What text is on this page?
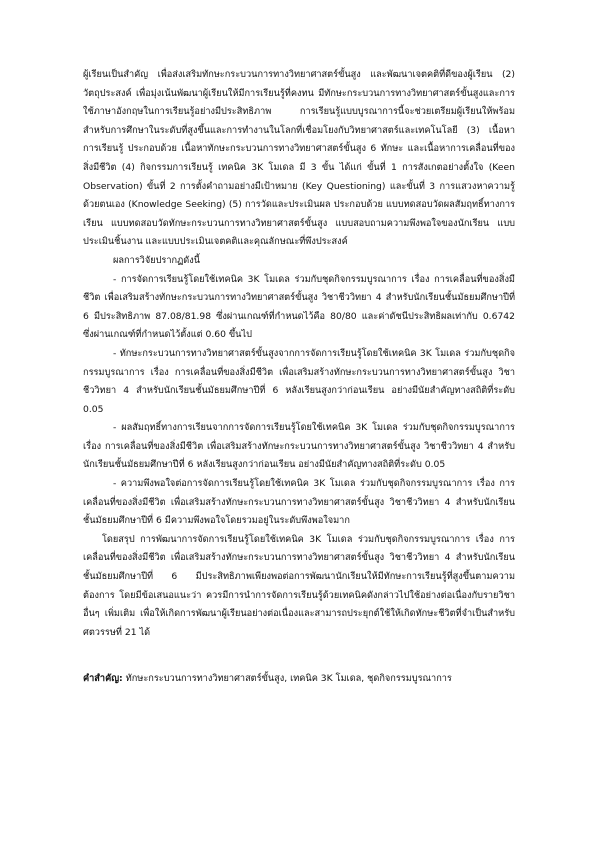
ผู้เรียนเป็นสำคัญ เพื่อส่งเสริมทักษะกระบวนการทางวิทยาศาสตร์ขั้นสูง และพัฒนาเจตคติที่ดีของผู้เรียน (2) วัตถุประสงค์ เพื่อมุ่งเน้นพัฒนาผู้เรียนให้มีการเรียนรู้ที่คงทน มีทักษะกระบวนการทางวิทยาศาสตร์ขั้นสูงและการใช้ภาษาอังกฤษในการเรียนรู้อย่างมีประสิทธิภาพ การเรียนรู้แบบบูรณาการนี้จะช่วยเตรียมผู้เรียนให้พร้อมสำหรับการศึกษาในระดับที่สูงขึ้นและการทำงานในโลกที่เชื่อมโยงกับวิทยาศาสตร์และเทคโนโลยี (3) เนื้อหาการเรียนรู้ ประกอบด้วย เนื้อหาทักษะกระบวนการทางวิทยาศาสตร์ขั้นสูง 6 ทักษะ และเนื้อหาการเคลื่อนที่ของสิ่งมีชีวิต (4) กิจกรรมการเรียนรู้ เทคนิค 3K โมเดล มี 3 ขั้น ได้แก่ ขั้นที่ 1 การสังเกตอย่างตั้งใจ (Keen Observation) ขั้นที่ 2 การตั้งคำถามอย่างมีเป้าหมาย (Key Questioning) และขั้นที่ 3 การแสวงหาความรู้ด้วยตนเอง (Knowledge Seeking) (5) การวัดและประเมินผล ประกอบด้วย แบบทดสอบวัดผลสัมฤทธิ์ทางการเรียน แบบทดสอบวัดทักษะกระบวนการทางวิทยาศาสตร์ขั้นสูง แบบสอบถามความพึงพอใจของนักเรียน แบบประเมินชิ้นงาน และแบบประเมินเจตคติและคุณลักษณะที่พึงประสงค์

ผลการวิจัยปรากฏดังนี้

- การจัดการเรียนรู้โดยใช้เทคนิค 3K โมเดล ร่วมกับชุดกิจกรรมบูรณาการ เรื่อง การเคลื่อนที่ของสิ่งมีชีวิต เพื่อเสริมสร้างทักษะกระบวนการทางวิทยาศาสตร์ขั้นสูง วิชาชีววิทยา 4 สำหรับนักเรียนชั้นมัธยมศึกษาปีที่ 6 มีประสิทธิภาพ 87.08/81.98 ซึ่งผ่านเกณฑ์ที่กำหนดไว้คือ 80/80 และค่าดัชนีประสิทธิผลเท่ากับ 0.6742 ซึ่งผ่านเกณฑ์ที่กำหนดไว้ตั้งแต่ 0.60 ขึ้นไป

- ทักษะกระบวนการทางวิทยาศาสตร์ขั้นสูงจากการจัดการเรียนรู้โดยใช้เทคนิค 3K โมเดล ร่วมกับชุดกิจกรรมบูรณาการ เรื่อง การเคลื่อนที่ของสิ่งมีชีวิต เพื่อเสริมสร้างทักษะกระบวนการทางวิทยาศาสตร์ขั้นสูง วิชาชีววิทยา 4 สำหรับนักเรียนชั้นมัธยมศึกษาปีที่ 6 หลังเรียนสูงกว่าก่อนเรียน อย่างมีนัยสำคัญทางสถิติที่ระดับ 0.05

- ผลสัมฤทธิ์ทางการเรียนจากการจัดการเรียนรู้โดยใช้เทคนิค 3K โมเดล ร่วมกับชุดกิจกรรมบูรณาการ เรื่อง การเคลื่อนที่ของสิ่งมีชีวิต เพื่อเสริมสร้างทักษะกระบวนการทางวิทยาศาสตร์ขั้นสูง วิชาชีววิทยา 4 สำหรับนักเรียนชั้นมัธยมศึกษาปีที่ 6 หลังเรียนสูงกว่าก่อนเรียน อย่างมีนัยสำคัญทางสถิติที่ระดับ 0.05

- ความพึงพอใจต่อการจัดการเรียนรู้โดยใช้เทคนิค 3K โมเดล ร่วมกับชุดกิจกรรมบูรณาการ เรื่อง การเคลื่อนที่ของสิ่งมีชีวิต เพื่อเสริมสร้างทักษะกระบวนการทางวิทยาศาสตร์ขั้นสูง วิชาชีววิทยา 4 สำหรับนักเรียนชั้นมัธยมศึกษาปีที่ 6 มีความพึงพอใจโดยรวมอยู่ในระดับพึงพอใจมาก

โดยสรุป การพัฒนาการจัดการเรียนรู้โดยใช้เทคนิค 3K โมเดล ร่วมกับชุดกิจกรรมบูรณาการ เรื่อง การเคลื่อนที่ของสิ่งมีชีวิต เพื่อเสริมสร้างทักษะกระบวนการทางวิทยาศาสตร์ขั้นสูง วิชาชีววิทยา 4 สำหรับนักเรียนชั้นมัธยมศึกษาปีที่ 6 มีประสิทธิภาพเพียงพอต่อการพัฒนานักเรียนให้มีทักษะการเรียนรู้ที่สูงขึ้นตามความต้องการ โดยมีข้อเสนอแนะว่า ควรมีการนำการจัดการเรียนรู้ด้วยเทคนิคดังกล่าวไปใช้อย่างต่อเนื่องกับรายวิชาอื่นๆ เพิ่มเติม เพื่อให้เกิดการพัฒนาผู้เรียนอย่างต่อเนื่องและสามารถประยุกต์ใช้ให้เกิดทักษะชีวิตที่จำเป็นสำหรับศตวรรษที่ 21 ได้

คำสำคัญ: ทักษะกระบวนการทางวิทยาศาสตร์ขั้นสูง, เทคนิค 3K โมเดล, ชุดกิจกรรมบูรณาการ
